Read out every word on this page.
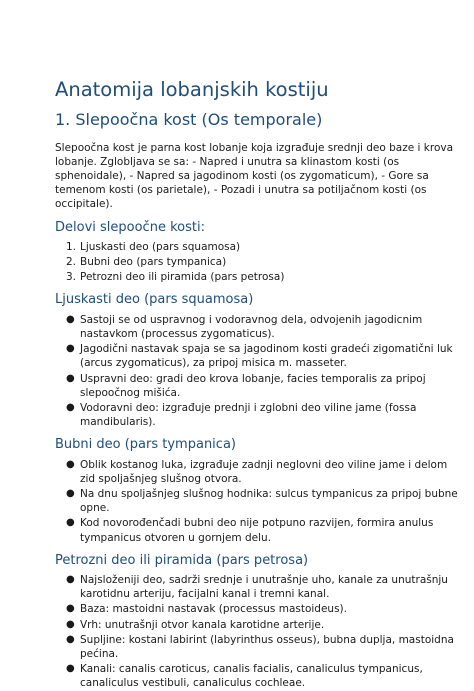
Anatomija lobanjskih kostiju
1. Slepoočna kost (Os temporale)

Slepoočna kost je parna kost lobanje koja izgrađuje srednji deo baze i krova
lobanje. Zglobljava se sa: - Napred i unutra sa klinastom kosti (os
sphenoidale), - Napred sa jagodinom kosti (os zygomaticum), - Gore sa
temenom kosti (os parietale), - Pozadi i unutra sa potiljačnom kosti (os
occipitale).

Delovi slepoočne kosti:
1. Ljuskasti deo (pars squamosa)
2. Bubni deo (pars tympanica)
3. Petrozni deo ili piramida (pars petrosa)
Ljuskasti deo (pars squamosa)
● Sastoji se od uspravnog i vodoravnog dela, odvojenih jagodicnim
nastavkom (processus zygomaticus).
● Jagodični nastavak spaja se sa jagodinom kosti gradeći zigomatični luk
(arcus zygomaticus), za pripoj misica m. masseter.
● Uspravni deo: gradi deo krova lobanje, facies temporalis za pripoj
slepoočnog mišića.
● Vodoravni deo: izgrađuje prednji i zglobni deo viline jame (fossa
mandibularis).
Bubni deo (pars tympanica)
● Oblik kostanog luka, izgrađuje zadnji neglovni deo viline jame i delom
zid spoljašnjeg slušnog otvora.
● Na dnu spoljašnjeg slušnog hodnika: sulcus tympanicus za pripoj bubne
opne.
● Kod novorođenčadi bubni deo nije potpuno razvijen, formira anulus
tympanicus otvoren u gornjem delu.
Petrozni deo ili piramida (pars petrosa)
● Najsloženiji deo, sadrži srednje i unutrašnje uho, kanale za unutrašnju
karotidnu arteriju, facijalni kanal i tremni kanal.
● Baza: mastoidni nastavak (processus mastoideus).
● Vrh: unutrašnji otvor kanala karotidne arterije.
● Supljine: kostani labirint (labyrinthus osseus), bubna duplja, mastoidna
pećina.
● Kanali: canalis caroticus, canalis facialis, canaliculus tympanicus,
canaliculus vestibuli, canaliculus cochleae.
